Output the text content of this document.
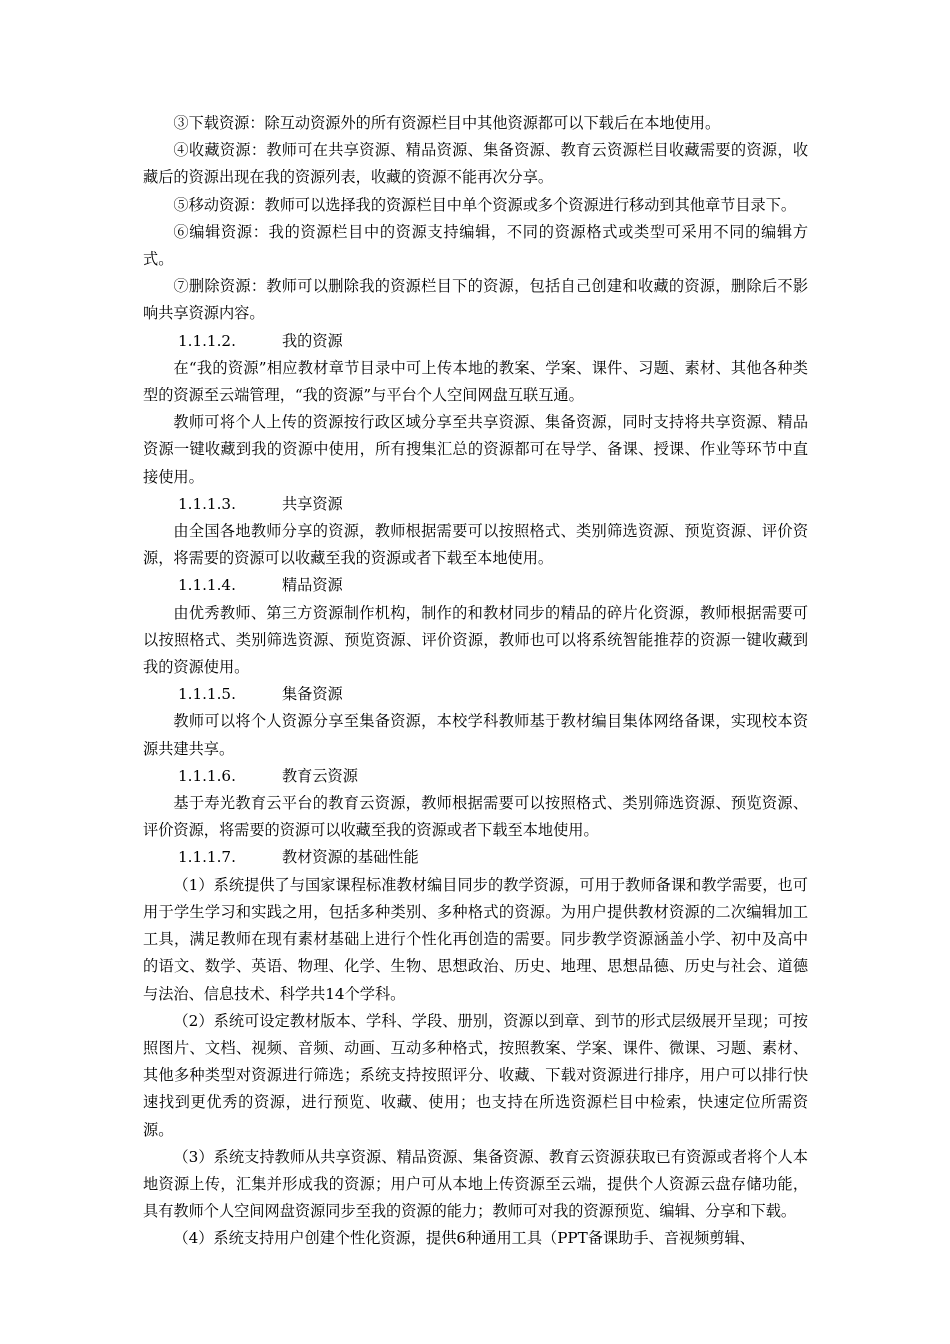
③下载资源：除互动资源外的所有资源栏目中其他资源都可以下载后在本地使用。

④收藏资源：教师可在共享资源、精品资源、集备资源、教育云资源栏目收藏需要的资源，收藏后的资源出现在我的资源列表，收藏的资源不能再次分享。

⑤移动资源：教师可以选择我的资源栏目中单个资源或多个资源进行移动到其他章节目录下。

⑥编辑资源：我的资源栏目中的资源支持编辑，不同的资源格式或类型可采用不同的编辑方式。

⑦删除资源：教师可以删除我的资源栏目下的资源，包括自己创建和收藏的资源，删除后不影响共享资源内容。

1.1.1.2.	我的资源

在“我的资源”相应教材章节目录中可上传本地的教案、学案、课件、习题、素材、其他各种类型的资源至云端管理，“我的资源”与平台个人空间网盘互联互通。

教师可将个人上传的资源按行政区域分享至共享资源、集备资源，同时支持将共享资源、精品资源一键收藏到我的资源中使用，所有搜集汇总的资源都可在导学、备课、授课、作业等环节中直接使用。

1.1.1.3.	共享资源

由全国各地教师分享的资源，教师根据需要可以按照格式、类别筛选资源、预览资源、评价资源，将需要的资源可以收藏至我的资源或者下载至本地使用。

1.1.1.4.	精品资源

由优秀教师、第三方资源制作机构，制作的和教材同步的精品的碎片化资源，教师根据需要可以按照格式、类别筛选资源、预览资源、评价资源，教师也可以将系统智能推荐的资源一键收藏到我的资源使用。

1.1.1.5.	集备资源

教师可以将个人资源分享至集备资源，本校学科教师基于教材编目集体网络备课，实现校本资源共建共享。

1.1.1.6.	教育云资源

基于寿光教育云平台的教育云资源，教师根据需要可以按照格式、类别筛选资源、预览资源、评价资源，将需要的资源可以收藏至我的资源或者下载至本地使用。

1.1.1.7.	教材资源的基础性能

（1）系统提供了与国家课程标准教材编目同步的教学资源，可用于教师备课和教学需要，也可用于学生学习和实践之用，包括多种类别、多种格式的资源。为用户提供教材资源的二次编辑加工工具，满足教师在现有素材基础上进行个性化再创造的需要。同步教学资源涵盖小学、初中及高中的语文、数学、英语、物理、化学、生物、思想政治、历史、地理、思想品德、历史与社会、道德与法治、信息技术、科学共14个学科。

（2）系统可设定教材版本、学科、学段、册别，资源以到章、到节的形式层级展开呈现；可按照图片、文档、视频、音频、动画、互动多种格式，按照教案、学案、课件、微课、习题、素材、其他多种类型对资源进行筛选；系统支持按照评分、收藏、下载对资源进行排序，用户可以排行快速找到更优秀的资源，进行预览、收藏、使用；也支持在所选资源栏目中检索，快速定位所需资源。

（3）系统支持教师从共享资源、精品资源、集备资源、教育云资源获取已有资源或者将个人本地资源上传，汇集并形成我的资源；用户可从本地上传资源至云端，提供个人资源云盘存储功能，具有教师个人空间网盘资源同步至我的资源的能力；教师可对我的资源预览、编辑、分享和下载。

（4）系统支持用户创建个性化资源，提供6种通用工具（PPT备课助手、音视频剪辑、
